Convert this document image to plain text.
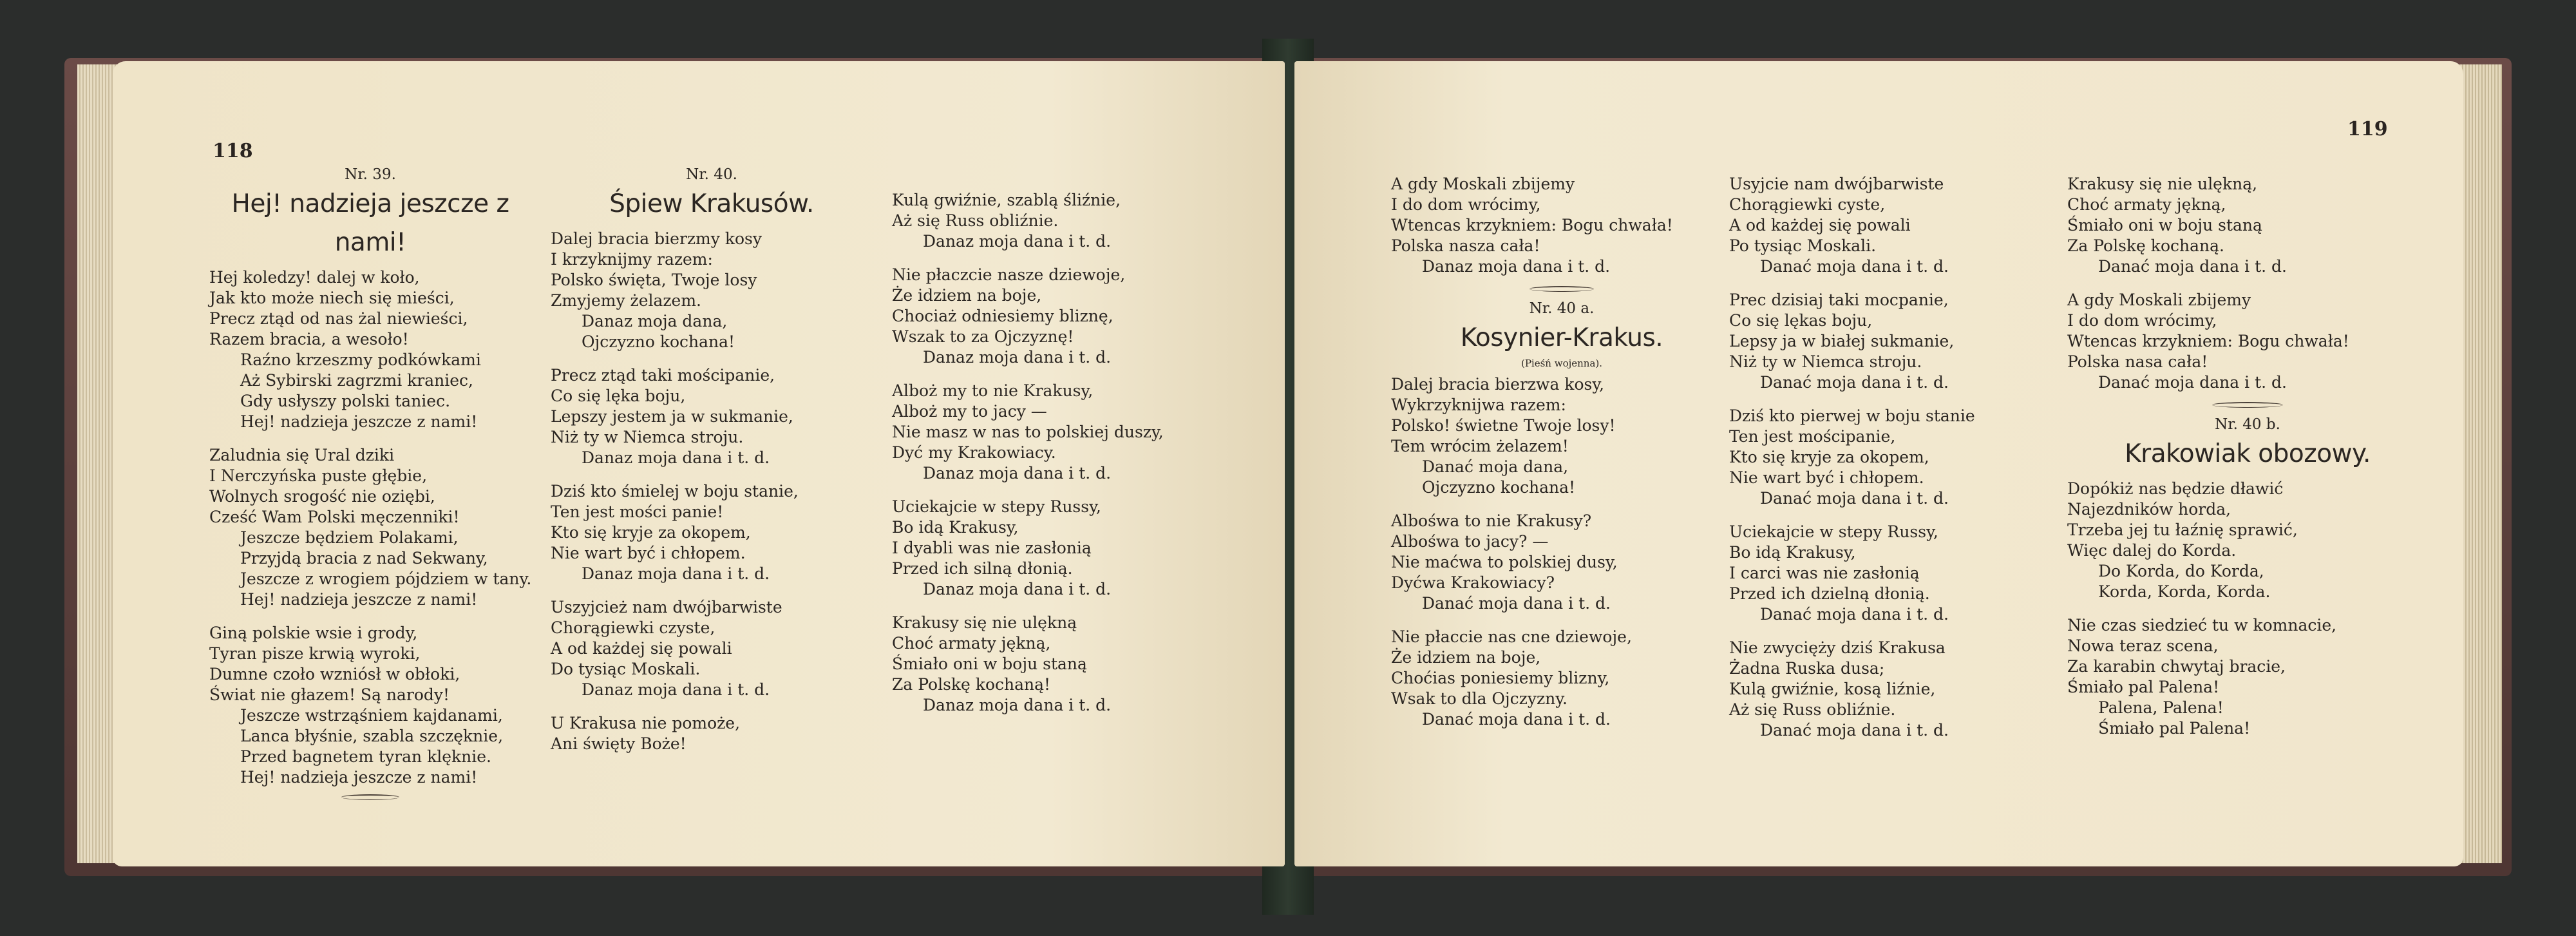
118
Nr. 39.
Hej! nadzieja jeszcze z nami!
Hej koledzy! dalej w koło,
Jak kto może niech się mieści,
Precz ztąd od nas żal niewieści,
Razem bracia, a wesoło!
Raźno krzeszmy podkówkami
Aż Sybirski zagrzmi kraniec,
Gdy usłyszy polski taniec.
Hej! nadzieja jeszcze z nami!
Zaludnia się Ural dziki
I Nerczyńska puste głębie,
Wolnych srogość nie oziębi,
Cześć Wam Polski męczenniki!
Jeszcze będziem Polakami,
Przyjdą bracia z nad Sekwany,
Jeszcze z wrogiem pójdziem w tany.
Hej! nadzieja jeszcze z nami!
Giną polskie wsie i grody,
Tyran pisze krwią wyroki,
Dumne czoło wzniósł w obłoki,
Świat nie głazem! Są narody!
Jeszcze wstrząśniem kajdanami,
Lanca błyśnie, szabla szczęknie,
Przed bagnetem tyran klęknie.
Hej! nadzieja jeszcze z nami!
Nr. 40.
Śpiew Krakusów.
Dalej bracia bierzmy kosy
I krzyknijmy razem:
Polsko święta, Twoje losy
Zmyjemy żelazem.
Danaz moja dana,
Ojczyzno kochana!
Precz ztąd taki mościpanie,
Co się lęka boju,
Lepszy jestem ja w sukmanie,
Niż ty w Niemca stroju.
Danaz moja dana i t. d.
Dziś kto śmielej w boju stanie,
Ten jest mości panie!
Kto się kryje za okopem,
Nie wart być i chłopem.
Danaz moja dana i t. d.
Uszyjcież nam dwójbarwiste
Chorągiewki czyste,
A od każdej się powali
Do tysiąc Moskali.
Danaz moja dana i t. d.
U Krakusa nie pomoże,
Ani święty Boże!
Kulą gwiźnie, szablą śliźnie,
Aż się Russ obliźnie.
Danaz moja dana i t. d.
Nie płaczcie nasze dziewoje,
Że idziem na boje,
Chociaż odniesiemy bliznę,
Wszak to za Ojczyznę!
Danaz moja dana i t. d.
Alboż my to nie Krakusy,
Alboż my to jacy —
Nie masz w nas to polskiej duszy,
Dyć my Krakowiacy.
Danaz moja dana i t. d.
Uciekajcie w stepy Russy,
Bo idą Krakusy,
I dyabli was nie zasłonią
Przed ich silną dłonią.
Danaz moja dana i t. d.
Krakusy się nie ulękną
Choć armaty jękną,
Śmiało oni w boju staną
Za Polskę kochaną!
Danaz moja dana i t. d.
119
A gdy Moskali zbijemy
I do dom wrócimy,
Wtencas krzykniem: Bogu chwała!
Polska nasza cała!
Danaz moja dana i t. d.
Nr. 40 a.
Kosynier-Krakus.
(Pieśń wojenna).
Dalej bracia bierzwa kosy,
Wykrzyknijwa razem:
Polsko! świetne Twoje losy!
Tem wrócim żelazem!
Danać moja dana,
Ojczyzno kochana!
Albośwa to nie Krakusy?
Albośwa to jacy? —
Nie maćwa to polskiej dusy,
Dyćwa Krakowiacy?
Danać moja dana i t. d.
Nie płaccie nas cne dziewoje,
Że idziem na boje,
Choćias poniesiemy blizny,
Wsak to dla Ojczyzny.
Danać moja dana i t. d.
Usyjcie nam dwójbarwiste
Chorągiewki cyste,
A od każdej się powali
Po tysiąc Moskali.
Danać moja dana i t. d.
Prec dzisiaj taki mocpanie,
Co się lękas boju,
Lepsy ja w białej sukmanie,
Niż ty w Niemca stroju.
Danać moja dana i t. d.
Dziś kto pierwej w boju stanie
Ten jest mościpanie,
Kto się kryje za okopem,
Nie wart być i chłopem.
Danać moja dana i t. d.
Uciekajcie w stepy Russy,
Bo idą Krakusy,
I carci was nie zasłonią
Przed ich dzielną dłonią.
Danać moja dana i t. d.
Nie zwycięży dziś Krakusa
Żadna Ruska dusa;
Kulą gwiźnie, kosą liźnie,
Aż się Russ obliźnie.
Danać moja dana i t. d.
Krakusy się nie ulękną,
Choć armaty jękną,
Śmiało oni w boju staną
Za Polskę kochaną.
Danać moja dana i t. d.
A gdy Moskali zbijemy
I do dom wrócimy,
Wtencas krzykniem: Bogu chwała!
Polska nasa cała!
Danać moja dana i t. d.
Nr. 40 b.
Krakowiak obozowy.
Dopókiż nas będzie dławić
Najezdników horda,
Trzeba jej tu łaźnię sprawić,
Więc dalej do Korda.
Do Korda, do Korda,
Korda, Korda, Korda.
Nie czas siedzieć tu w komnacie,
Nowa teraz scena,
Za karabin chwytaj bracie,
Śmiało pal Palena!
Palena, Palena!
Śmiało pal Palena!
